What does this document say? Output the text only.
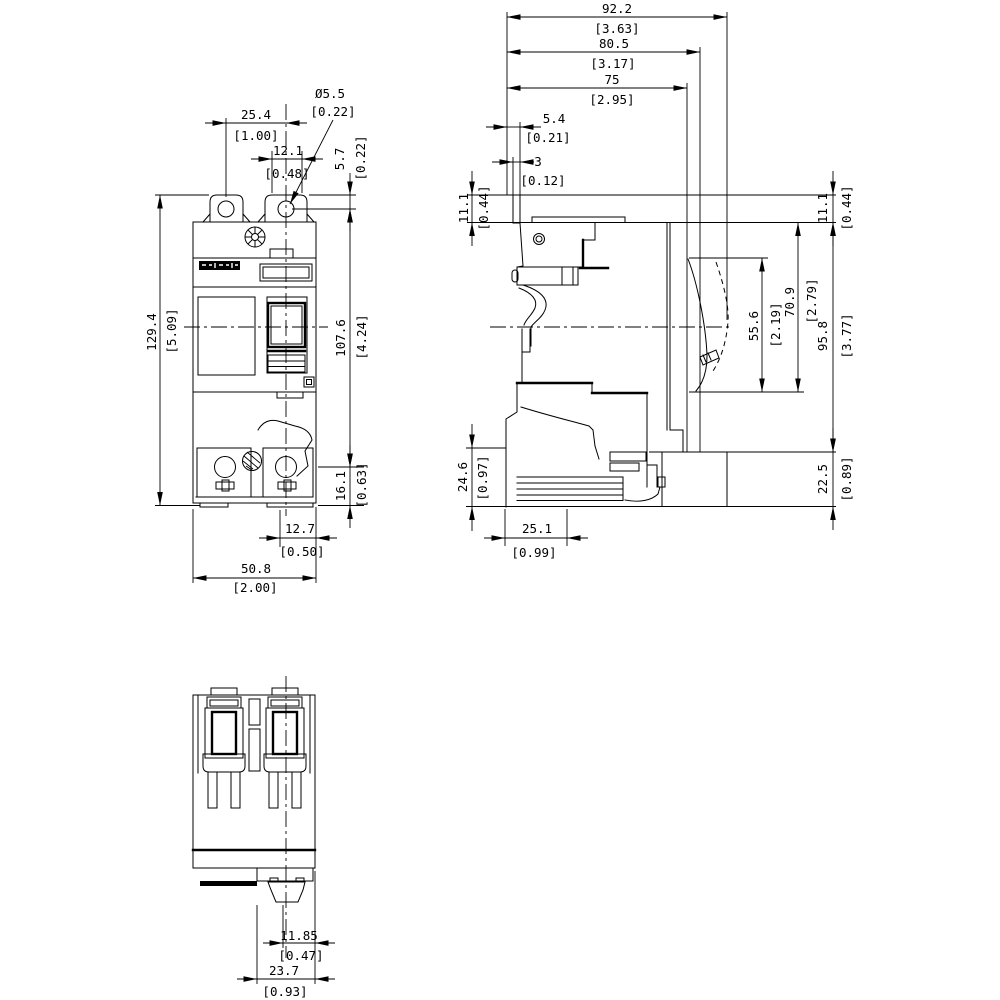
25.4
[1.00]
12.1
[0.48]
Ø5.5
[0.22]
5.7 [0.22]
107.6 [4.24]
16.1 [0.63]
129.4 [5.09]
12.7
[0.50]
50.8
[2.00]
92.2
[3.63]
80.5
[3.17]
75
[2.95]
5.4
[0.21]
3
[0.12]
11.1 [0.44]
24.6 [0.97]
25.1
[0.99]
11.1 [0.44]
95.8 [3.77]
22.5 [0.89]
70.9 [2.79]
55.6 [2.19]
11.85
[0.47]
23.7
[0.93]
